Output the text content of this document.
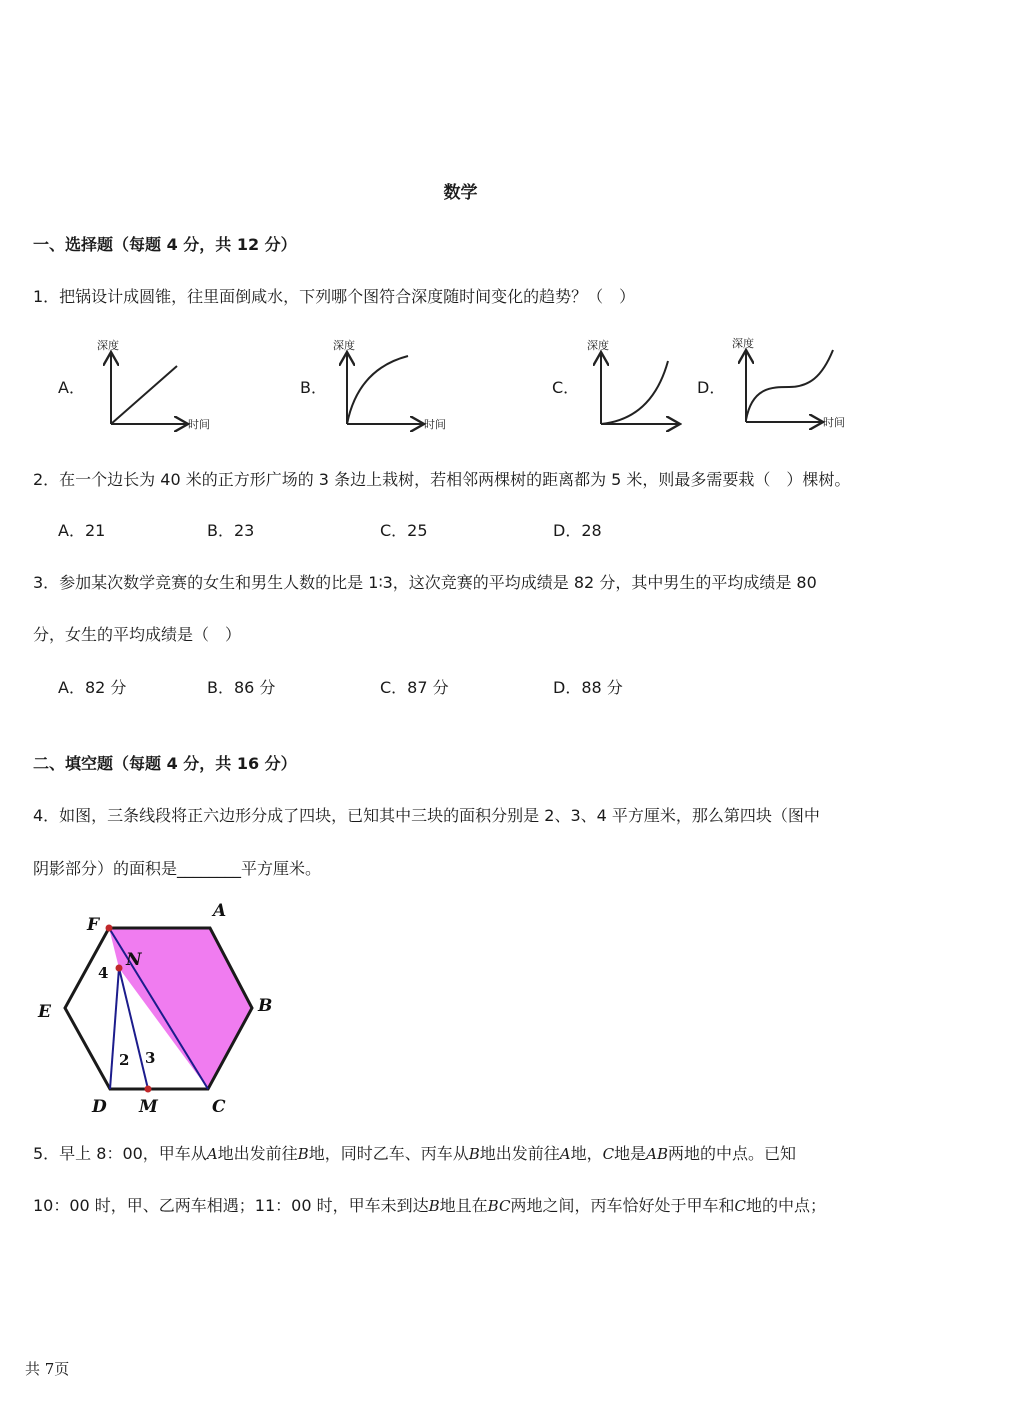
数学
一、选择题（每题 4 分，共 12 分）
1．把锅设计成圆锥，往里面倒咸水，下列哪个图符合深度随时间变化的趋势？（　）
A．
深度
时间
B．
深度
时间
C．
深度
D．
深度
时间
2．在一个边长为 40 米的正方形广场的 3 条边上栽树，若相邻两棵树的距离都为 5 米，则最多需要栽（　）棵树。
A．21	B．23	C．25	D．28
3．参加某次数学竞赛的女生和男生人数的比是 1∶3，这次竞赛的平均成绩是 82 分，其中男生的平均成绩是 80
分，女生的平均成绩是（　）
A．82 分	B．86 分	C．87 分	D．88 分
二、填空题（每题 4 分，共 16 分）
4．如图，三条线段将正六边形分成了四块，已知其中三块的面积分别是 2、3、4 平方厘米，那么第四块（图中
阴影部分）的面积是________平方厘米。
A
B
C
D
E
F
N
M
4
2 3
5．早上 8：00，甲车从A地出发前往B地，同时乙车、丙车从B地出发前往A地，C地是AB两地的中点。已知
10：00 时，甲、乙两车相遇；11：00 时，甲车未到达B地且在BC两地之间，丙车恰好处于甲车和C地的中点；
共 7页
